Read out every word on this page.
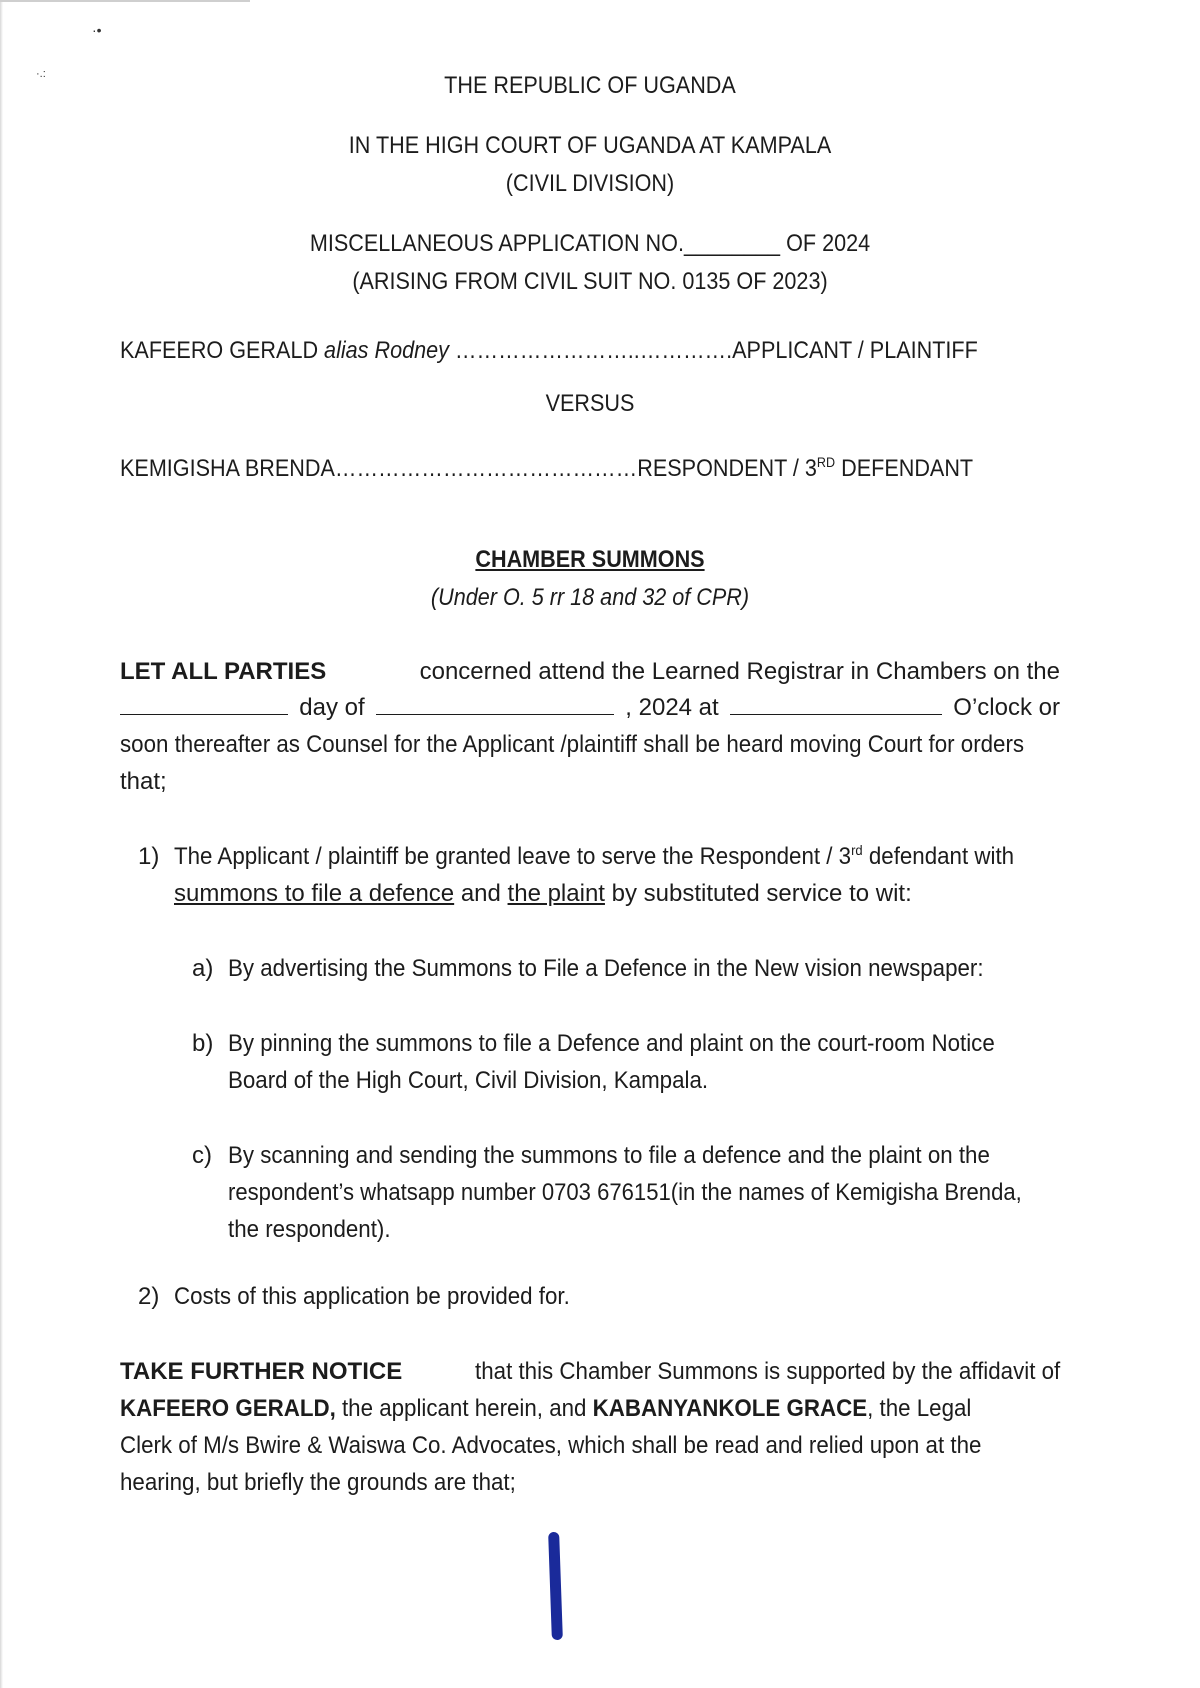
·•
·.:	THE REPUBLIC OF UGANDA
IN THE HIGH COURT OF UGANDA AT KAMPALA
(CIVIL DIVISION)
MISCELLANEOUS APPLICATION NO.________ OF 2024
(ARISING FROM CIVIL SUIT NO. 0135 OF 2023)
KAFEERO GERALD alias Rodney ……………………..………….APPLICANT / PLAINTIFF
VERSUS
KEMIGISHA BRENDA……………………………………RESPONDENT / 3RD DEFENDANT
CHAMBER SUMMONS
(Under O. 5 rr 18 and 32 of CPR)
LET ALL PARTIES	concerned attend the Learned Registrar in Chambers on the
day of	, 2024 at	O’clock or
soon thereafter as Counsel for the Applicant /plaintiff shall be heard moving Court for orders
that;
1) The Applicant / plaintiff be granted leave to serve the Respondent / 3rd defendant with
summons to file a defence and the plaint by substituted service to wit:
a) By advertising the Summons to File a Defence in the New vision newspaper:
b) By pinning the summons to file a Defence and plaint on the court-room Notice
Board of the High Court, Civil Division, Kampala.
c) By scanning and sending the summons to file a defence and the plaint on the
respondent’s whatsapp number 0703 676151(in the names of Kemigisha Brenda,
the respondent).
2) Costs of this application be provided for.
TAKE FURTHER NOTICE	that this Chamber Summons is supported by the affidavit of
KAFEERO GERALD, the applicant herein, and KABANYANKOLE GRACE, the Legal
Clerk of M/s Bwire & Waiswa Co. Advocates, which shall be read and relied upon at the
hearing, but briefly the grounds are that;
